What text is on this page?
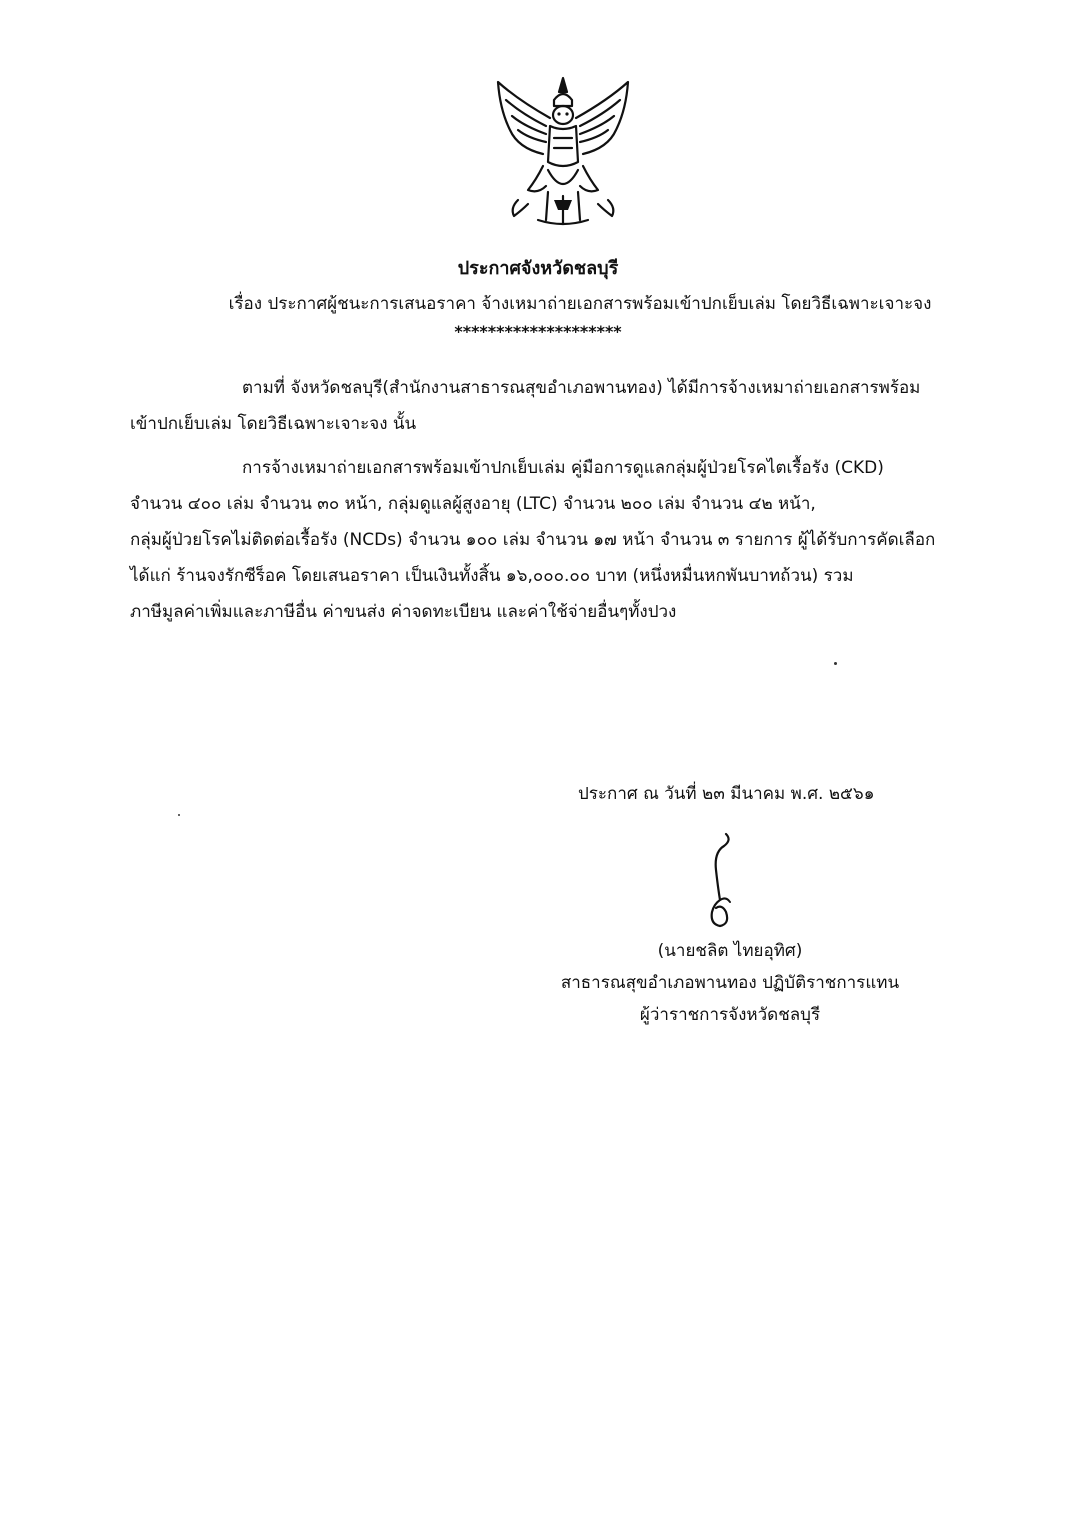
ประกาศจังหวัดชลบุรี
เรื่อง ประกาศผู้ชนะการเสนอราคา จ้างเหมาถ่ายเอกสารพร้อมเข้าปกเย็บเล่ม โดยวิธีเฉพาะเจาะจง
********************
ตามที่ จังหวัดชลบุรี(สำนักงานสาธารณสุขอำเภอพานทอง) ได้มีการจ้างเหมาถ่ายเอกสารพร้อม
เข้าปกเย็บเล่ม โดยวิธีเฉพาะเจาะจง นั้น
การจ้างเหมาถ่ายเอกสารพร้อมเข้าปกเย็บเล่ม คู่มือการดูแลกลุ่มผู้ป่วยโรคไตเรื้อรัง (CKD)
จำนวน ๔๐๐ เล่ม จำนวน ๓๐ หน้า, กลุ่มดูแลผู้สูงอายุ (LTC) จำนวน ๒๐๐ เล่ม จำนวน ๔๒ หน้า,
กลุ่มผู้ป่วยโรคไม่ติดต่อเรื้อรัง (NCDs) จำนวน ๑๐๐ เล่ม จำนวน ๑๗ หน้า จำนวน ๓ รายการ ผู้ได้รับการคัดเลือก
ได้แก่ ร้านจงรักซีร็อค โดยเสนอราคา เป็นเงินทั้งสิ้น ๑๖,๐๐๐.๐๐ บาท (หนึ่งหมื่นหกพันบาทถ้วน) รวม
ภาษีมูลค่าเพิ่มและภาษีอื่น ค่าขนส่ง ค่าจดทะเบียน และค่าใช้จ่ายอื่นๆทั้งปวง
ประกาศ ณ วันที่ ๒๓ มีนาคม พ.ศ. ๒๕๖๑
(นายชลิต ไทยอุทิศ)
สาธารณสุขอำเภอพานทอง ปฏิบัติราชการแทน
ผู้ว่าราชการจังหวัดชลบุรี
